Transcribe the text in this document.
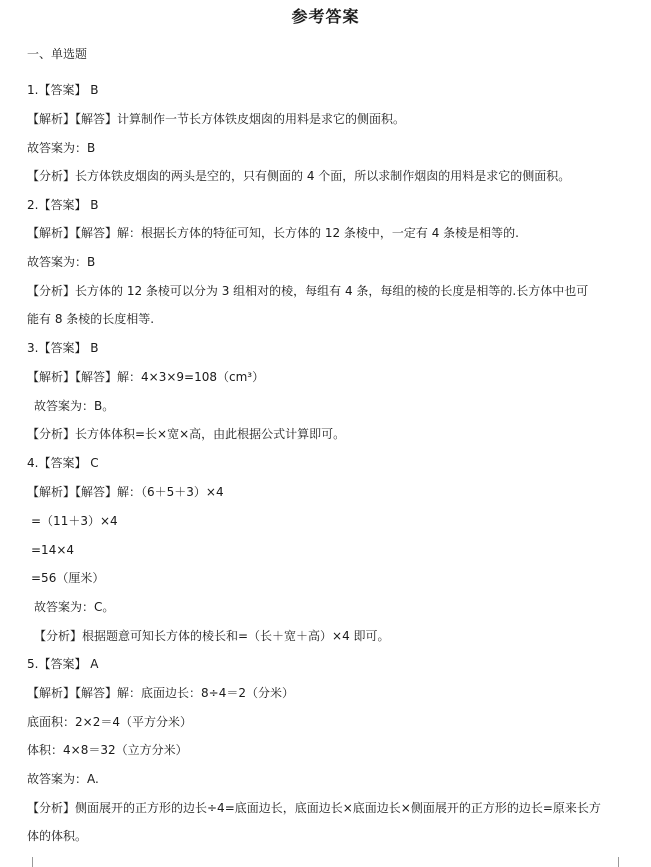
参考答案
一、单选题
1.【答案】 B
【解析】【解答】计算制作一节长方体铁皮烟囱的用料是求它的侧面积。
故答案为：B
【分析】长方体铁皮烟囱的两头是空的，只有侧面的 4 个面，所以求制作烟囱的用料是求它的侧面积。
2.【答案】 B
【解析】【解答】解：根据长方体的特征可知，长方体的 12 条棱中，一定有 4 条棱是相等的.
故答案为：B
【分析】长方体的 12 条棱可以分为 3 组相对的棱，每组有 4 条，每组的棱的长度是相等的.长方体中也可
能有 8 条棱的长度相等.
3.【答案】 B
【解析】【解答】解：4×3×9=108（cm³）
故答案为：B。
【分析】长方体体积=长×宽×高，由此根据公式计算即可。
4.【答案】 C
【解析】【解答】解：（6＋5＋3）×4
=（11＋3）×4
=14×4
=56（厘米）
故答案为：C。
【分析】根据题意可知长方体的棱长和=（长＋宽＋高）×4 即可。
5.【答案】 A
【解析】【解答】解：底面边长：8÷4＝2（分米）
底面积：2×2＝4（平方分米）
体积：4×8＝32（立方分米）
故答案为：A.
【分析】侧面展开的正方形的边长÷4=底面边长，底面边长×底面边长×侧面展开的正方形的边长=原来长方
体的体积。
